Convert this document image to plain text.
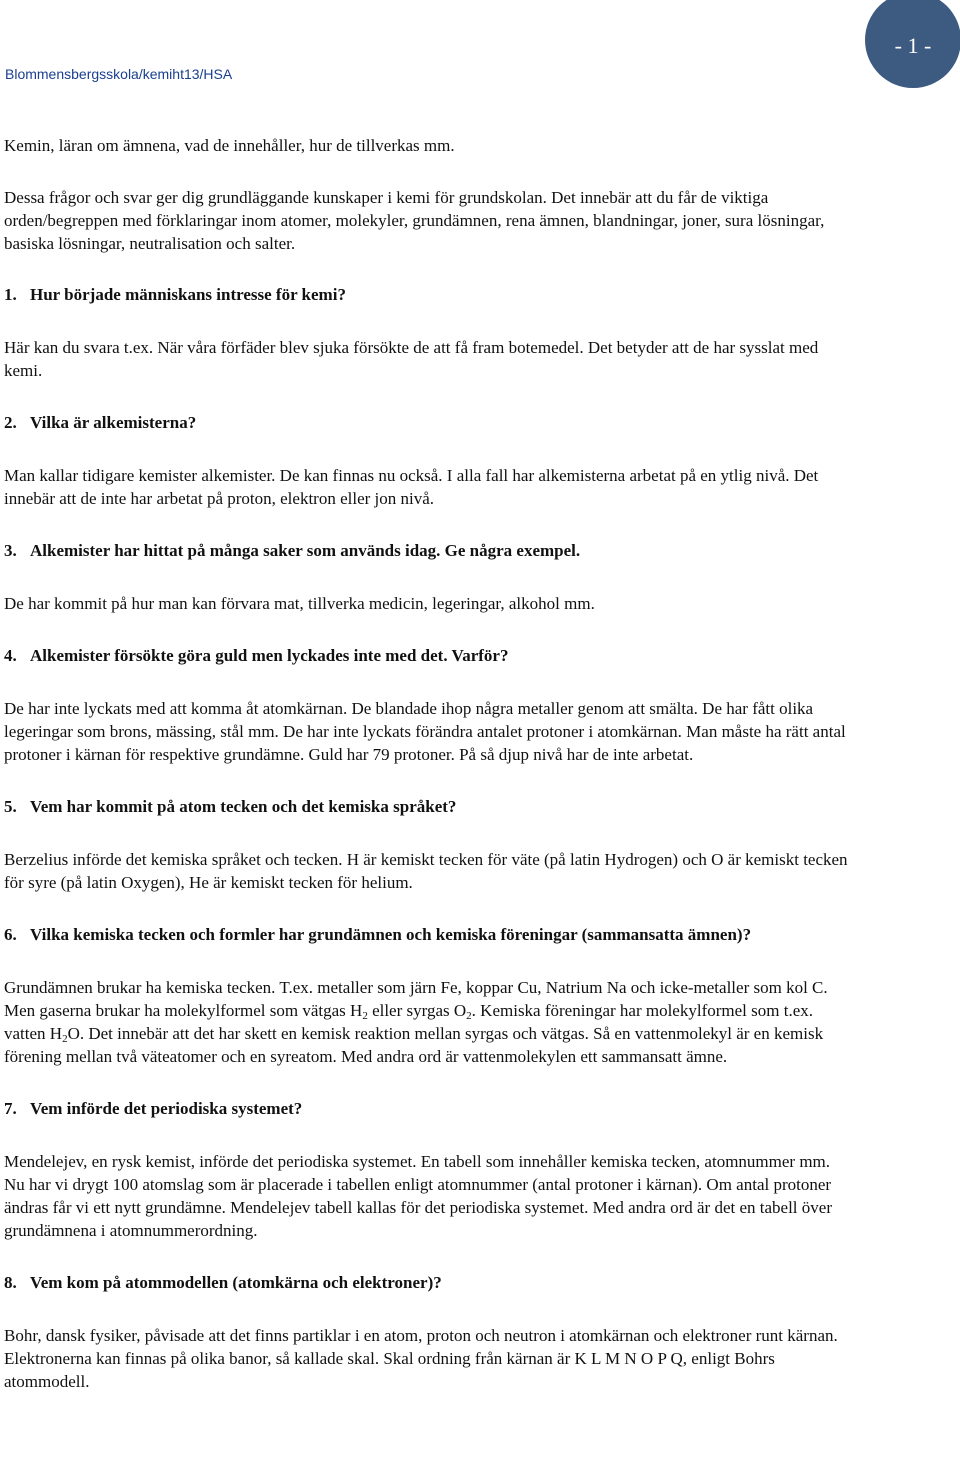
- 1 -
Blommensbergsskola/kemiht13/HSA

Kemin, läran om ämnena, vad de innehåller, hur de tillverkas mm.

Dessa frågor och svar ger dig grundläggande kunskaper i kemi för grundskolan. Det innebär att du får de viktiga orden/begreppen med förklaringar inom atomer, molekyler, grundämnen, rena ämnen, blandningar, joner, sura lösningar, basiska lösningar, neutralisation och salter.

1. Hur började människans intresse för kemi?

Här kan du svara t.ex. När våra förfäder blev sjuka försökte de att få fram botemedel. Det betyder att de har sysslat med kemi.

2. Vilka är alkemisterna?

Man kallar tidigare kemister alkemister. De kan finnas nu också. I alla fall har alkemisterna arbetat på en ytlig nivå. Det innebär att de inte har arbetat på proton, elektron eller jon nivå.

3. Alkemister har hittat på många saker som används idag. Ge några exempel.

De har kommit på hur man kan förvara mat, tillverka medicin, legeringar, alkohol mm.

4. Alkemister försökte göra guld men lyckades inte med det. Varför?

De har inte lyckats med att komma åt atomkärnan. De blandade ihop några metaller genom att smälta. De har fått olika legeringar som brons, mässing, stål mm. De har inte lyckats förändra antalet protoner i atomkärnan. Man måste ha rätt antal protoner i kärnan för respektive grundämne. Guld har 79 protoner. På så djup nivå har de inte arbetat.

5. Vem har kommit på atom tecken och det kemiska språket?

Berzelius införde det kemiska språket och tecken. H är kemiskt tecken för väte (på latin Hydrogen) och O är kemiskt tecken för syre (på latin Oxygen), He är kemiskt tecken för helium.

6. Vilka kemiska tecken och formler har grundämnen och kemiska föreningar (sammansatta ämnen)?

Grundämnen brukar ha kemiska tecken. T.ex. metaller som järn Fe, koppar Cu, Natrium Na och icke-metaller som kol C. Men gaserna brukar ha molekylformel som vätgas $H_2$ eller syrgas $O_2$. Kemiska föreningar har molekylformel som t.ex. vatten $H_2O$. Det innebär att det har skett en kemisk reaktion mellan syrgas och vätgas. Så en vattenmolekyl är en kemisk förening mellan två väteatomer och en syreatom. Med andra ord är vattenmolekylen ett sammansatt ämne.

7. Vem införde det periodiska systemet?

Mendelejev, en rysk kemist, införde det periodiska systemet. En tabell som innehåller kemiska tecken, atomnummer mm. Nu har vi drygt 100 atomslag som är placerade i tabellen enligt atomnummer (antal protoner i kärnan). Om antal protoner ändras får vi ett nytt grundämne. Mendelejev tabell kallas för det periodiska systemet. Med andra ord är det en tabell över grundämnena i atomnummerordning.

8. Vem kom på atommodellen (atomkärna och elektroner)?

Bohr, dansk fysiker, påvisade att det finns partiklar i en atom, proton och neutron i atomkärnan och elektroner runt kärnan. Elektronerna kan finnas på olika banor, så kallade skal. Skal ordning från kärnan är K L M N O P Q, enligt Bohrs atommodell.
